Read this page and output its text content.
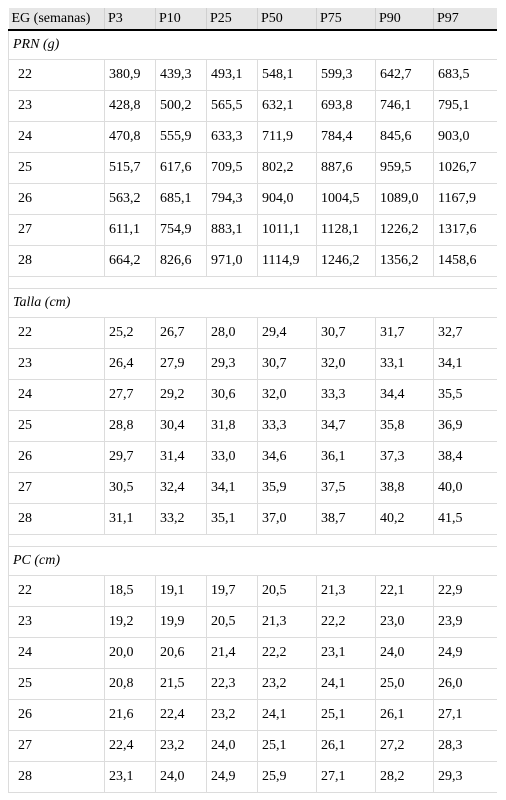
EG (semanas)	P3	P10	P25	P50	P75	P90	P97
PRN (g)							
22	380,9	439,3	493,1	548,1	599,3	642,7	683,5
23	428,8	500,2	565,5	632,1	693,8	746,1	795,1
24	470,8	555,9	633,3	711,9	784,4	845,6	903,0
25	515,7	617,6	709,5	802,2	887,6	959,5	1026,7
26	563,2	685,1	794,3	904,0	1004,5	1089,0	1167,9
27	611,1	754,9	883,1	1011,1	1128,1	1226,2	1317,6
28	664,2	826,6	971,0	1114,9	1246,2	1356,2	1458,6

Talla (cm)							
22	25,2	26,7	28,0	29,4	30,7	31,7	32,7
23	26,4	27,9	29,3	30,7	32,0	33,1	34,1
24	27,7	29,2	30,6	32,0	33,3	34,4	35,5
25	28,8	30,4	31,8	33,3	34,7	35,8	36,9
26	29,7	31,4	33,0	34,6	36,1	37,3	38,4
27	30,5	32,4	34,1	35,9	37,5	38,8	40,0
28	31,1	33,2	35,1	37,0	38,7	40,2	41,5

PC (cm)							
22	18,5	19,1	19,7	20,5	21,3	22,1	22,9
23	19,2	19,9	20,5	21,3	22,2	23,0	23,9
24	20,0	20,6	21,4	22,2	23,1	24,0	24,9
25	20,8	21,5	22,3	23,2	24,1	25,0	26,0
26	21,6	22,4	23,2	24,1	25,1	26,1	27,1
27	22,4	23,2	24,0	25,1	26,1	27,2	28,3
28	23,1	24,0	24,9	25,9	27,1	28,2	29,3
